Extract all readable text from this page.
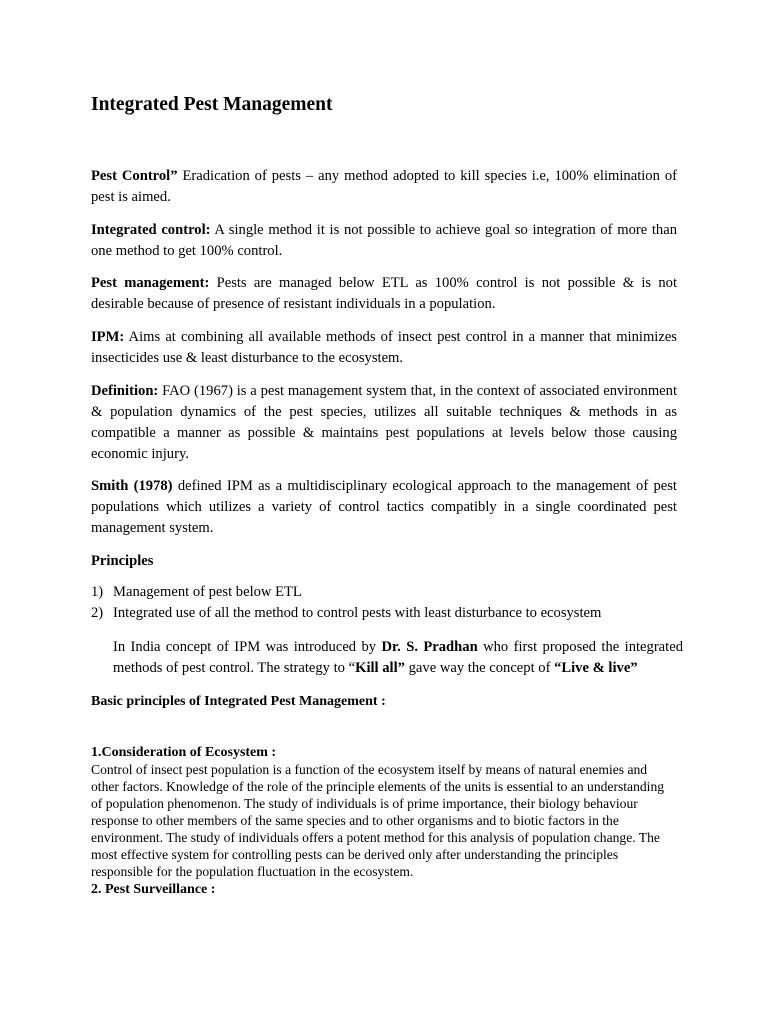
Integrated Pest Management

Pest Control” Eradication of pests – any method adopted to kill species i.e, 100% elimination of pest is aimed.

Integrated control: A single method it is not possible to achieve goal so integration of more than one method to get 100% control.

Pest management: Pests are managed below ETL as 100% control is not possible & is not desirable because of presence of resistant individuals in a population.

IPM: Aims at combining all available methods of insect pest control in a manner that minimizes insecticides use & least disturbance to the ecosystem.

Definition: FAO (1967) is a pest management system that, in the context of associated environment & population dynamics of the pest species, utilizes all suitable techniques & methods in as compatible a manner as possible & maintains pest populations at levels below those causing economic injury.

Smith (1978) defined IPM as a multidisciplinary ecological approach to the management of pest populations which utilizes a variety of control tactics compatibly in a single coordinated pest management system.

Principles

1) Management of pest below ETL
2) Integrated use of all the method to control pests with least disturbance to ecosystem

In India concept of IPM was introduced by Dr. S. Pradhan who first proposed the integrated methods of pest control. The strategy to “Kill all” gave way the concept of “Live & live”

Basic principles of Integrated Pest Management :

1.Consideration of Ecosystem :

Control of insect pest population is a function of the ecosystem itself by means of natural enemies and other factors. Knowledge of the role of the principle elements of the units is essential to an understanding of population phenomenon. The study of individuals is of prime importance, their biology behaviour response to other members of the same species and to other organisms and to biotic factors in the environment. The study of individuals offers a potent method for this analysis of population change. The most effective system for controlling pests can be derived only after understanding the principles responsible for the population fluctuation in the ecosystem.

2. Pest Surveillance :
